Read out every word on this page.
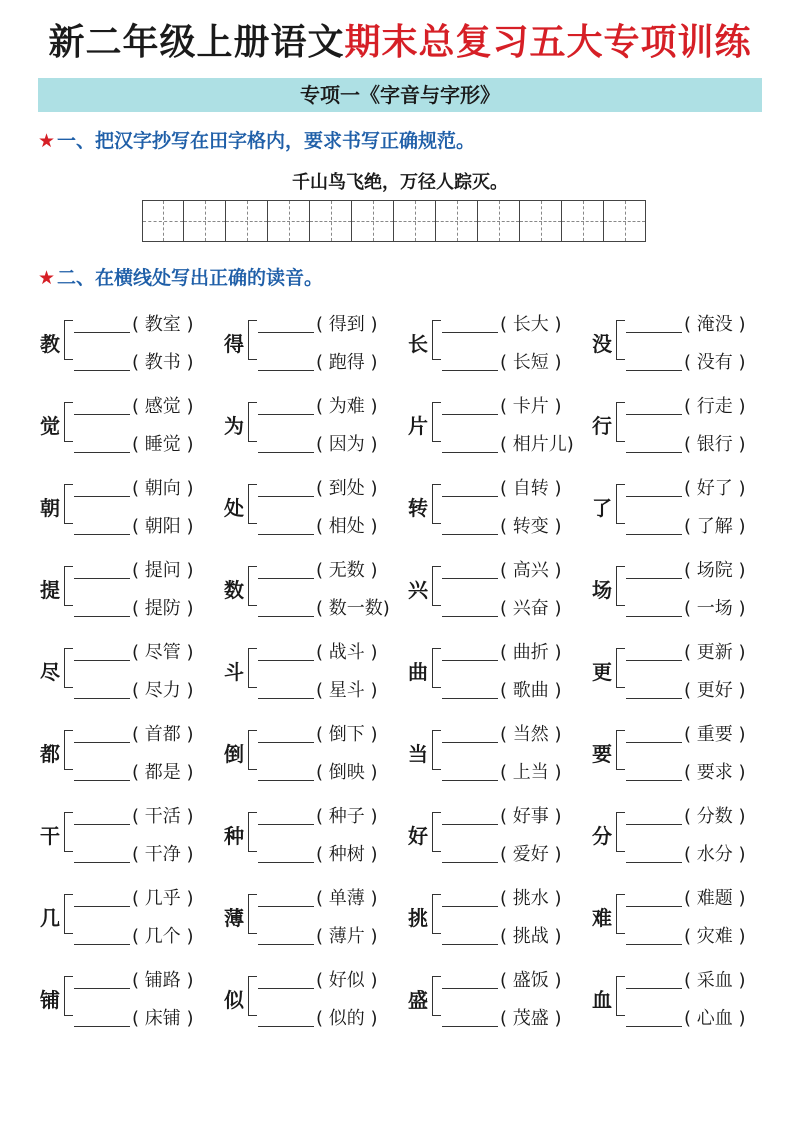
新二年级上册语文期末总复习五大专项训练
专项一《字音与字形》
★ 一、把汉字抄写在田字格内，要求书写正确规范。
千山鸟飞绝，万径人踪灭。
★ 二、在横线处写出正确的读音。
教
( 教室 )
( 教书 )
得
( 得到 )
( 跑得 )
长
( 长大 )
( 长短 )
没
( 淹没 )
( 没有 )
觉
( 感觉 )
( 睡觉 )
为
( 为难 )
( 因为 )
片
( 卡片 )
( 相片儿)
行
( 行走 )
( 银行 )
朝
( 朝向 )
( 朝阳 )
处
( 到处 )
( 相处 )
转
( 自转 )
( 转变 )
了
( 好了 )
( 了解 )
提
( 提问 )
( 提防 )
数
( 无数 )
( 数一数)
兴
( 高兴 )
( 兴奋 )
场
( 场院 )
( 一场 )
尽
( 尽管 )
( 尽力 )
斗
( 战斗 )
( 星斗 )
曲
( 曲折 )
( 歌曲 )
更
( 更新 )
( 更好 )
都
( 首都 )
( 都是 )
倒
( 倒下 )
( 倒映 )
当
( 当然 )
( 上当 )
要
( 重要 )
( 要求 )
干
( 干活 )
( 干净 )
种
( 种子 )
( 种树 )
好
( 好事 )
( 爱好 )
分
( 分数 )
( 水分 )
几
( 几乎 )
( 几个 )
薄
( 单薄 )
( 薄片 )
挑
( 挑水 )
( 挑战 )
难
( 难题 )
( 灾难 )
铺
( 铺路 )
( 床铺 )
似
( 好似 )
( 似的 )
盛
( 盛饭 )
( 茂盛 )
血
( 采血 )
( 心血 )
